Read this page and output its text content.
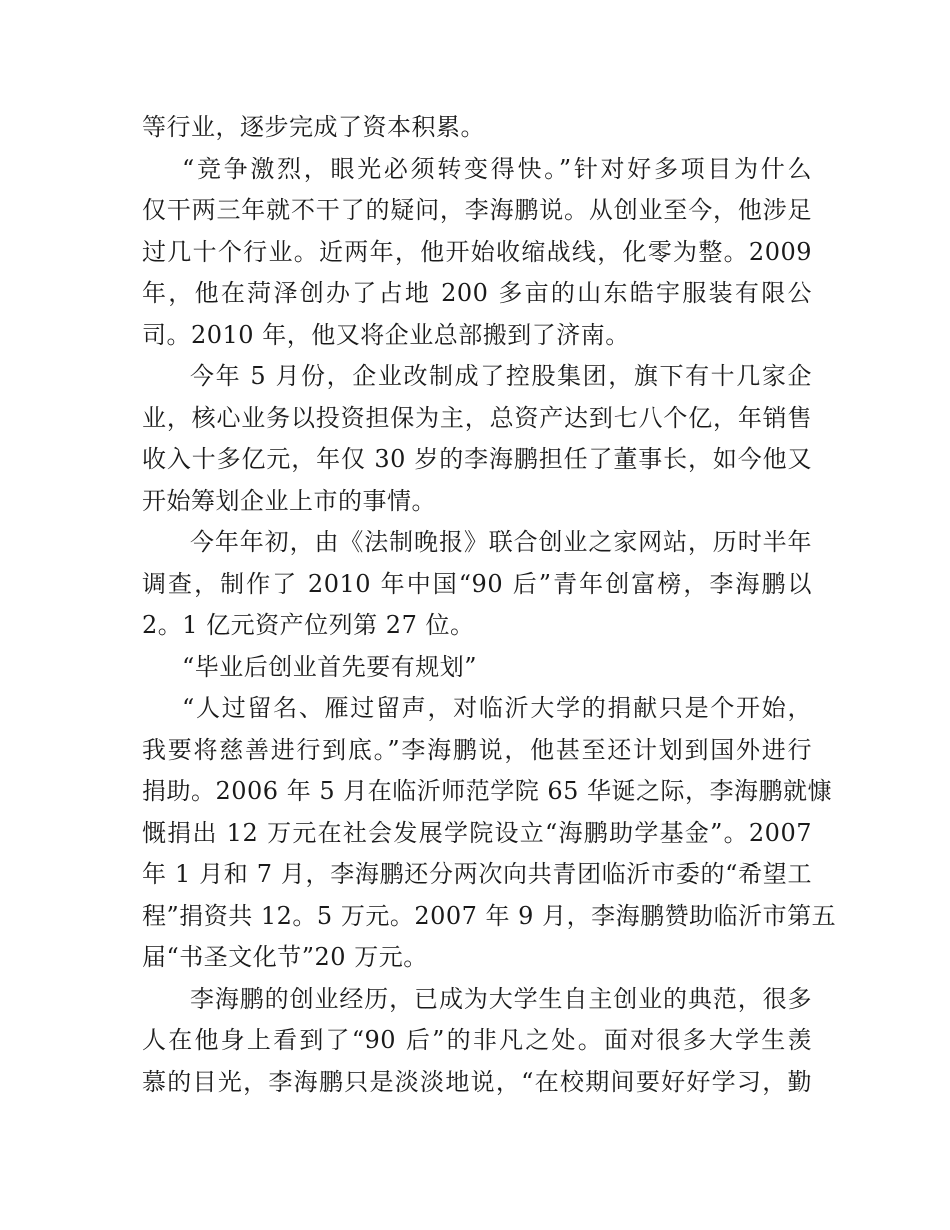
等行业，逐步完成了资本积累。
“竞争激烈，眼光必须转变得快。”针对好多项目为什么
仅干两三年就不干了的疑问，李海鹏说。从创业至今，他涉足
过几十个行业。近两年，他开始收缩战线，化零为整。2009
年，他在菏泽创办了占地 200 多亩的山东皓宇服装有限公
司。2010 年，他又将企业总部搬到了济南。
今年 5 月份，企业改制成了控股集团，旗下有十几家企
业，核心业务以投资担保为主，总资产达到七八个亿，年销售
收入十多亿元，年仅 30 岁的李海鹏担任了董事长，如今他又
开始筹划企业上市的事情。
今年年初，由《法制晚报》联合创业之家网站，历时半年
调查，制作了 2010 年中国“90 后”青年创富榜，李海鹏以
2。1 亿元资产位列第 27 位。
“毕业后创业首先要有规划”
“人过留名、雁过留声，对临沂大学的捐献只是个开始，
我要将慈善进行到底。”李海鹏说，他甚至还计划到国外进行
捐助。2006 年 5 月在临沂师范学院 65 华诞之际，李海鹏就慷
慨捐出 12 万元在社会发展学院设立“海鹏助学基金”。2007
年 1 月和 7 月，李海鹏还分两次向共青团临沂市委的“希望工
程”捐资共 12。5 万元。2007 年 9 月，李海鹏赞助临沂市第五
届“书圣文化节”20 万元。
李海鹏的创业经历，已成为大学生自主创业的典范，很多
人在他身上看到了“90 后”的非凡之处。面对很多大学生羡
慕的目光，李海鹏只是淡淡地说，“在校期间要好好学习，勤
